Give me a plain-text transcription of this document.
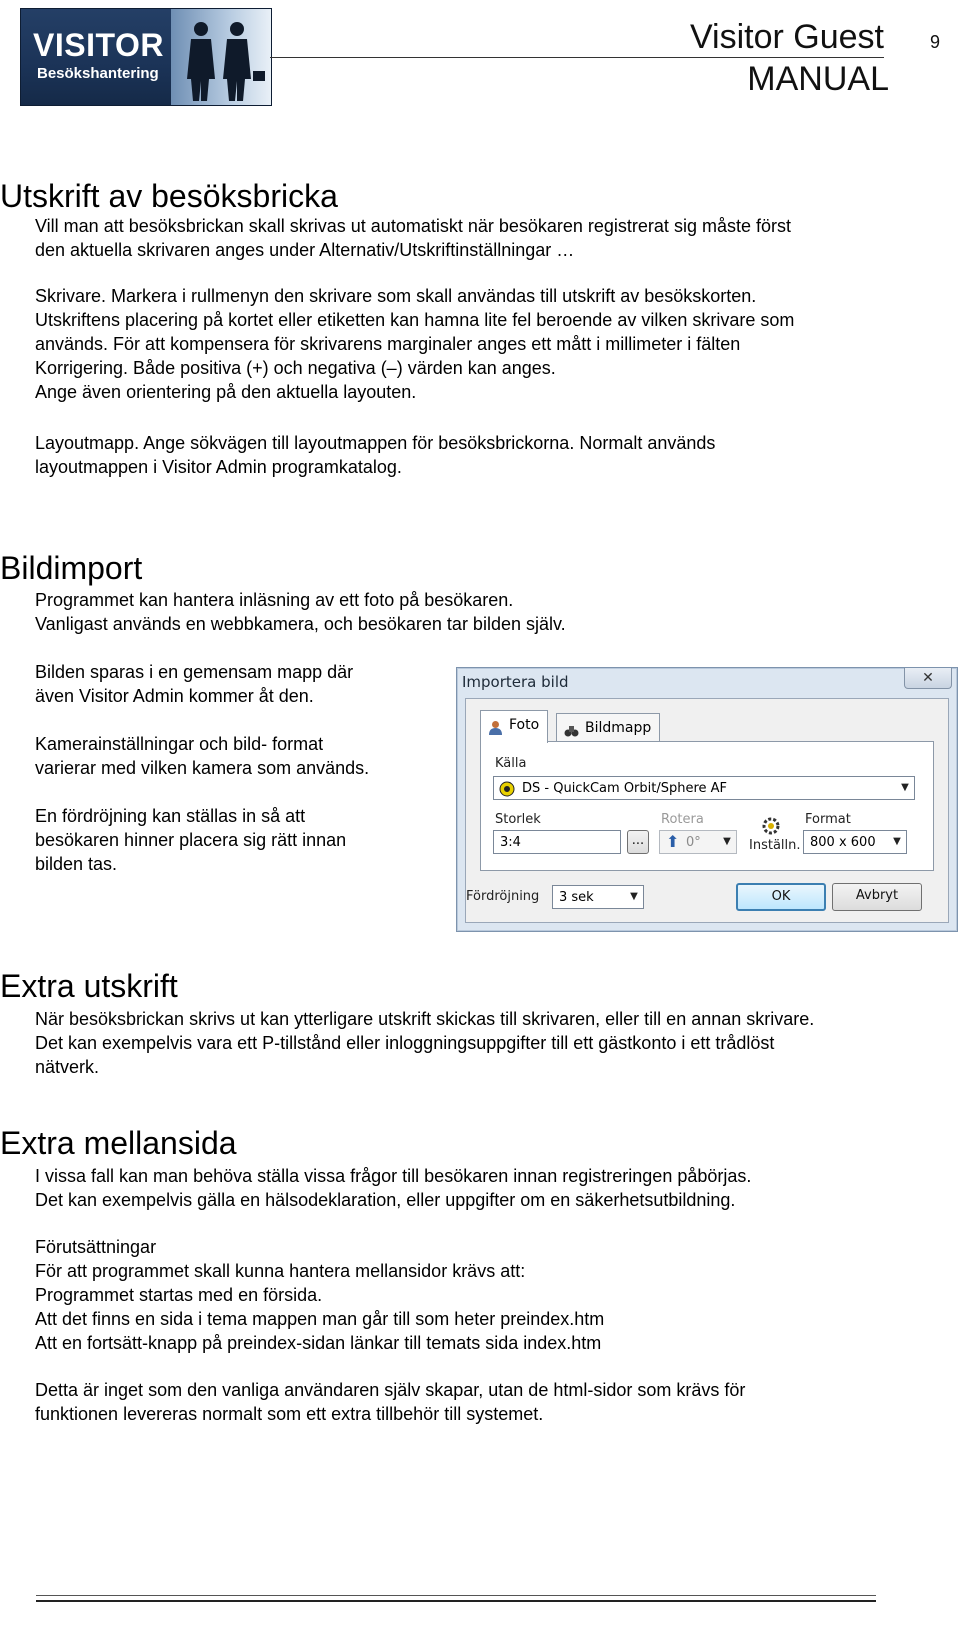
VISITOR
Besökshantering
Visitor Guest
MANUAL
9
Utskrift av besöksbricka
Vill man att besöksbrickan skall skrivas ut automatiskt när besökaren registrerat sig måste först
den aktuella skrivaren anges under Alternativ/Utskriftinställningar …
Skrivare. Markera i rullmenyn den skrivare som skall användas till utskrift av besökskorten.
Utskriftens placering på kortet eller etiketten kan hamna lite fel beroende av vilken skrivare som
används. För att kompensera för skrivarens marginaler anges ett mått i millimeter i fälten
Korrigering. Både positiva (+) och negativa (–) värden kan anges.
Ange även orientering på den aktuella layouten.
Layoutmapp. Ange sökvägen till layoutmappen för besöksbrickorna. Normalt används
layoutmappen i Visitor Admin programkatalog.
Bildimport
Programmet kan hantera inläsning av ett foto på besökaren.
Vanligast används en webbkamera, och besökaren tar bilden själv.
Bilden sparas i en gemensam mapp där
även Visitor Admin kommer åt den.
Kamerainställningar och bild- format
varierar med vilken kamera som används.
En fördröjning kan ställas in så att
besökaren hinner placera sig rätt innan
bilden tas.
Importera bild	✕
Foto	Bildmapp
Källa
DS - QuickCam Orbit/Sphere AF	▼
Storlek
3:4	...
Rotera
⬆ 0°	▼	Inställn.
Format
800 x 600	▼
Fördröjning	3 sek	▼	OK	Avbryt
Extra utskrift
När besöksbrickan skrivs ut kan ytterligare utskrift skickas till skrivaren, eller till en annan skrivare.
Det kan exempelvis vara ett P-tillstånd eller inloggningsuppgifter till ett gästkonto i ett trådlöst
nätverk.
Extra mellansida
I vissa fall kan man behöva ställa vissa frågor till besökaren innan registreringen påbörjas.
Det kan exempelvis gälla en hälsodeklaration, eller uppgifter om en säkerhetsutbildning.
Förutsättningar
För att programmet skall kunna hantera mellansidor krävs att:
Programmet startas med en försida.
Att det finns en sida i tema mappen man går till som heter preindex.htm
Att en fortsätt-knapp på preindex-sidan länkar till temats sida index.htm
Detta är inget som den vanliga användaren själv skapar, utan de html-sidor som krävs för
funktionen levereras normalt som ett extra tillbehör till systemet.
